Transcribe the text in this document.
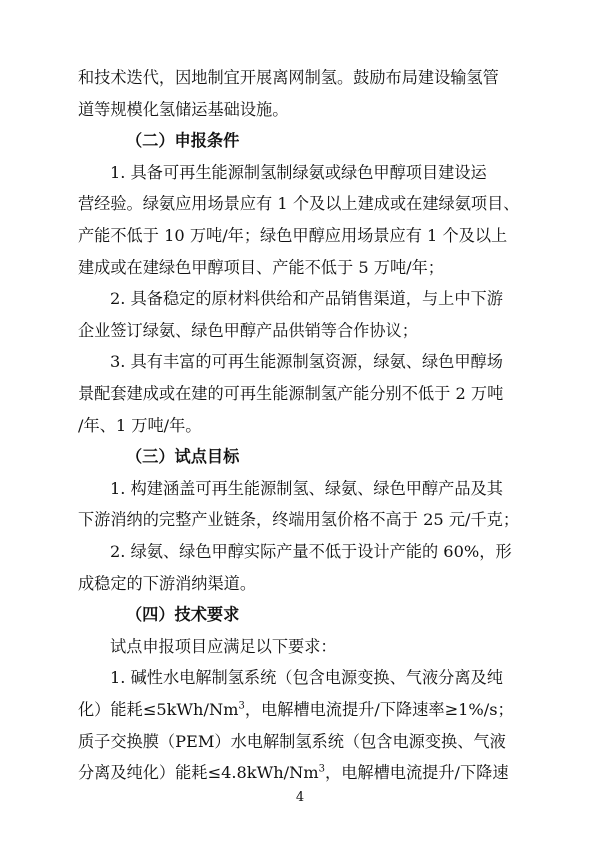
和技术迭代，因地制宜开展离网制氢。鼓励布局建设输氢管
道等规模化氢储运基础设施。
（二）申报条件
1. 具备可再生能源制氢制绿氨或绿色甲醇项目建设运
营经验。绿氨应用场景应有 1 个及以上建成或在建绿氨项目、
产能不低于 10 万吨/年；绿色甲醇应用场景应有 1 个及以上
建成或在建绿色甲醇项目、产能不低于 5 万吨/年；
2. 具备稳定的原材料供给和产品销售渠道，与上中下游
企业签订绿氨、绿色甲醇产品供销等合作协议；
3. 具有丰富的可再生能源制氢资源，绿氨、绿色甲醇场
景配套建成或在建的可再生能源制氢产能分别不低于 2 万吨
/年、1 万吨/年。
（三）试点目标
1. 构建涵盖可再生能源制氢、绿氨、绿色甲醇产品及其
下游消纳的完整产业链条，终端用氢价格不高于 25 元/千克；
2. 绿氨、绿色甲醇实际产量不低于设计产能的 60%，形
成稳定的下游消纳渠道。
（四）技术要求
试点申报项目应满足以下要求：
1. 碱性水电解制氢系统（包含电源变换、气液分离及纯
化）能耗$\le 5kWh/Nm^3$，电解槽电流提升/下降速率≥1%/s；
质子交换膜（PEM）水电解制氢系统（包含电源变换、气液
分离及纯化）能耗$\le 4.8kWh/Nm^3$，电解槽电流提升/下降速
4
